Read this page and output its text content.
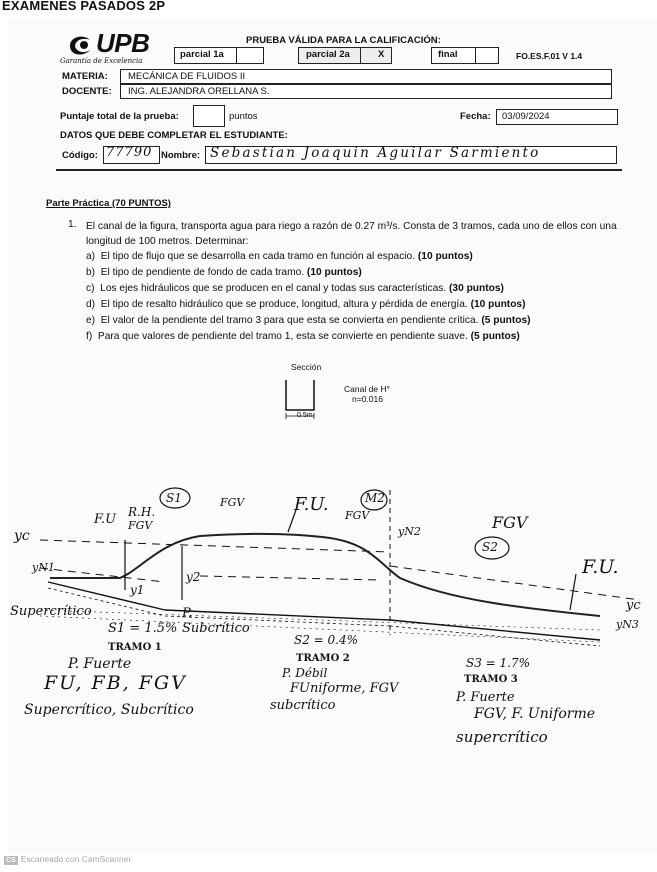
EXAMENES PASADOS 2P
UPB
Garantía de Excelencia
PRUEBA VÁLIDA PARA LA CALIFICACIÓN:
parcial 1a	parcial 2a	X	final	FO.ES.F.01 V 1.4
MATERIA: MECÁNICA DE FLUIDOS II
DOCENTE: ING. ALEJANDRA ORELLANA S.
Puntaje total de la prueba:	puntos	Fecha: 03/09/2024
DATOS QUE DEBE COMPLETAR EL ESTUDIANTE:
Código: 77790 Nombre: Sebastian Joaquin Aguilar Sarmiento
Parte Práctica (70 PUNTOS)
1. El canal de la figura, transporta agua para riego a razón de 0.27 m³/s. Consta de 3 tramos, cada uno de ellos con una longitud de 100 metros. Determinar:
a) El tipo de flujo que se desarrolla en cada tramo en función al espacio. (10 puntos)
b) El tipo de pendiente de fondo de cada tramo. (10 puntos)
c) Los ejes hidráulicos que se producen en el canal y todas sus características. (30 puntos)
d) El tipo de resalto hidráulico que se produce, longitud, altura y pérdida de energía. (10 puntos)
e) El valor de la pendiente del tramo 3 para que esta se convierta en pendiente crítica. (5 puntos)
f) Para que valores de pendiente del tramo 1, esta se convierte en pendiente suave. (5 puntos)
Sección
Canal de H°
n=0.016
0.5m
F.U R.H.
FGV
S1	FGV	F.U.
FGV
M2
yN2	FGV
S2
F.U.
yc
yN1
y1
y2
yc
yN3
Supercrítico
S1 = 1.5%
P. Subcrítico
TRAMO 1
P. Fuerte
FU, FB, FGV
Supercrítico, Subcrítico
S2 = 0.4%
TRAMO 2
P. Débil
FUniforme, FGV
subcrítico
S3 = 1.7%
TRAMO 3
P. Fuerte
FGV, F. Uniforme
supercrítico
CS Escaneado con CamScanner
